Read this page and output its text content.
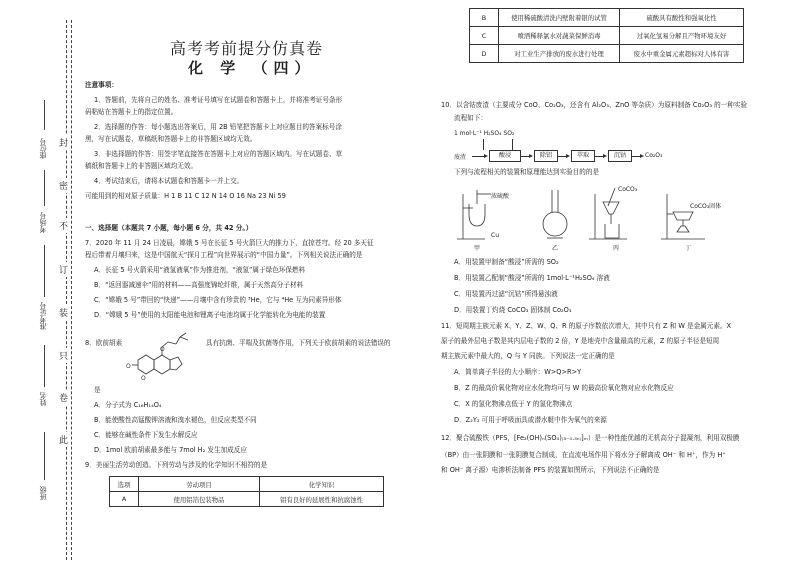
封
密
不
订
装
只
卷
此
座位号
考场号
准考证号
姓名
班级
高考考前提分仿真卷
化 学 （四）
注意事项：
1．答题前，先将自己的姓名、准考证号填写在试题卷和答题卡上，并将准考证号条形
码粘贴在答题卡上的指定位置。
2．选择题的作答：每小题选出答案后，用 2B 铅笔把答题卡上对应题目的答案标号涂
黑，写在试题卷、草稿纸和答题卡上的非答题区域均无效。
3．非选择题的作答：用签字笔直接答在答题卡上对应的答题区域内。写在试题卷、草
稿纸和答题卡上的非答题区域均无效。
4．考试结束后，请将本试题卷和答题卡一并上交。
可能用到的相对原子质量：H 1 B 11 C 12 N 14 O 16 Na 23 Ni 59
一、选择题（本题共 7 小题，每小题 6 分，共 42 分。）
7．2020 年 11 月 24 日凌晨，嫦娥 5 号在长征 5 号火箭巨大的推力下，直掠苍穹。经 20 多天征
程后带着月壤归来，这是中国航天“探月工程”向世界展示的“中国力量”。下列相关说法正确的是
A．长征 5 号火箭采用“液氢液氧”作为推进剂，“液氢”属于绿色环保燃料
B．“返回器减速伞”用的材料——高强度锦纶纤维，属于天然高分子材料
C．“嫦娥 5 号”带回的“快递”——月壤中含有珍贵的 ³He，它与 ⁴He 互为同素异形体
D．“嫦娥 5 号”使用的太阳能电池和锂离子电池均属于化学能转化为电能的装置
8．欧前胡素
O
O
O
具有抗菌、平喘及抗菌等作用，下列关于欧前胡素的说法错误的
是
A．分子式为 C₁₆H₁₄O₄
B．能使酸性高锰酸钾溶液和溴水褪色，但反应类型不同
C．能够在碱性条件下发生水解反应
D．1mol 欧前胡素最多能与 7mol H₂ 发生加成反应
9．美丽生活劳动创造。下列劳动与涉及的化学知识不相符的是
选项	劳动项目	化学知识
A	使用铝箔包装物品	铝有良好的延展性和抗腐蚀性
B	使用稀硫酸清洗内壁附着银的试管	硫酸具有酸性和强氧化性
C	喷洒稀释氯水对蔬菜保鲜消毒	过氧化氢易分解且产物环境友好
D	对工业生产排放的废水进行处理	废水中重金属元素超标对人体有害
10．以含钴废渣（主要成分 CoO、Co₂O₃，还含有 Al₂O₃、ZnO 等杂质）为原料制备 Co₂O₃ 的一种实验
流程如下：
1 mol·L⁻¹ H₂SO₄ SO₂
废渣	酸浸	除铝	萃取	沉钴	Co₂O₃
下列与流程相关的装置和原理能达到实验目的的是
浓硫酸
Cu
CoCO₃
CoCO₃固体
甲	乙	丙	丁
A．用装置甲制备“酸浸”所需的 SO₂
B．用装置乙配制“酸浸”所需的 1mol·L⁻¹H₂SO₄ 溶液
C．用装置丙过滤“沉钴”所得悬浊液
D．用装置丁灼烧 CoCO₃ 固体制 Co₂O₃
11．短周期主族元素 X、Y、Z、W、Q、R 的原子序数依次增大，其中只有 Z 和 W 是金属元素。X
原子的最外层电子数是其内层电子数的 2 倍，Y 是地壳中含量最高的元素，Z 的原子半径是短周
期主族元素中最大的，Q 与 Y 同族。下列说法一定正确的是
A．简单离子半径的大小顺序：W>Q>R>Y
B．Z 的最高价氧化物对应水化物均可与 W 的最高价氧化物对应水化物反应
C．X 的氢化物沸点低于 Y 的氢化物沸点
D．Z₂Y₂ 可用于呼吸面具或潜水艇中作为氧气的来源
12．聚合硫酸铁（PFS，[Fe₂(OH)ₙ(SO₄)₍₃₋₀.₅ₙ₎]ₘ）是一种性能优越的无机高分子混凝剂，利用双极膜
（BP）由一张阴膜和一张阴膜复合制成，在直流电场作用下将水分子解离成 OH⁻ 和 H⁺，作为 H⁺
和 OH⁻ 离子源）电渗析法制备 PFS 的装置如图所示，下列说法不正确的是
